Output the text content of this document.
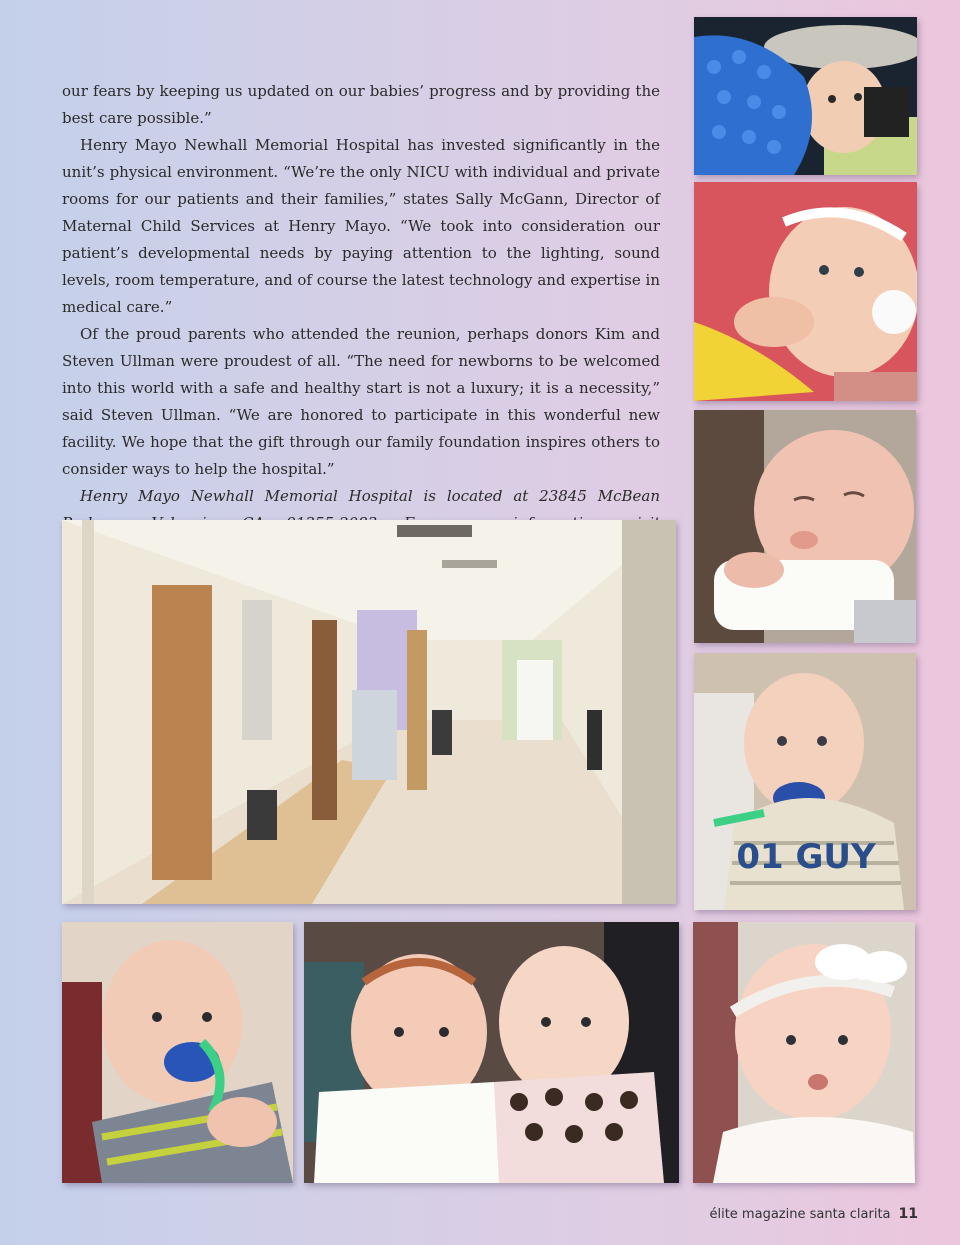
our fears by keeping us updated on our babies’ progress and by providing the best care possible.”

Henry Mayo Newhall Memorial Hospital has invested significantly in the unit’s physical environment. “We’re the only NICU with individual and private rooms for our patients and their families,” states Sally McGann, Director of Maternal Child Services at Henry Mayo. “We took into consideration our patient’s developmental needs by paying attention to the lighting, sound levels, room temperature, and of course the latest technology and expertise in medical care.”

Of the proud parents who attended the reunion, perhaps donors Kim and Steven Ullman were proudest of all. “The need for newborns to be welcomed into this world with a safe and healthy start is not a luxury; it is a necessity,” said Steven Ullman. “We are honored to participate in this wonderful new facility. We hope that the gift through our family foundation inspires others to consider ways to help the hospital.”

Henry Mayo Newhall Memorial Hospital is located at 23845 McBean

01 GUY
élite magazine santa clarita 11
